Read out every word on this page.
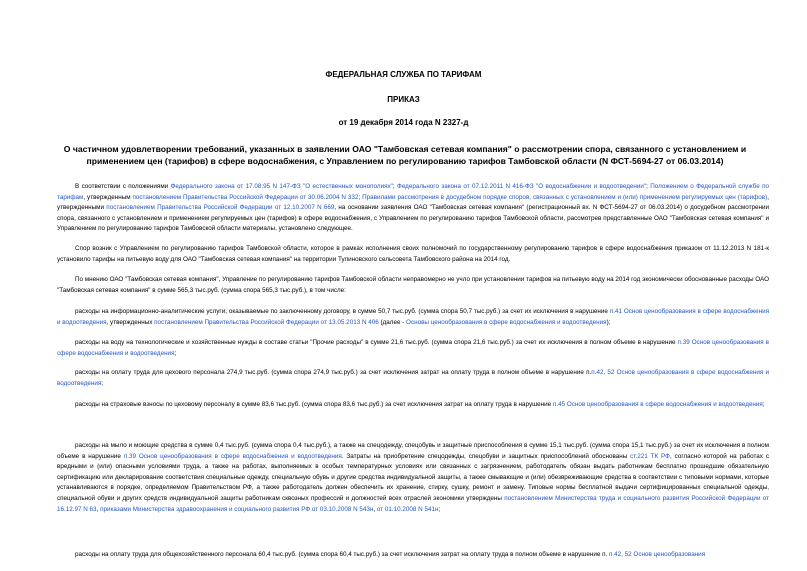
ФЕДЕРАЛЬНАЯ СЛУЖБА ПО ТАРИФАМ
ПРИКАЗ
от 19 декабря 2014 года N 2327-д
О частичном удовлетворении требований, указанных в заявлении ОАО "Тамбовская сетевая компания" о рассмотрении спора, связанного с установлением и применением цен (тарифов) в сфере водоснабжения, с Управлением по регулированию тарифов Тамбовской области (N ФСТ-5694-27 от 06.03.2014)
В соответствии с положениями Федерального закона от 17.08.95 N 147-ФЗ "О естественных монополиях"; Федерального закона от 07.12.2011 N 416-ФЗ "О водоснабжении и водоотведении"; Положением о Федеральной службе по тарифам, утвержденным постановлением Правительства Российской Федерации от 30.06.2004 N 332; Правилами рассмотрения в досудебном порядке споров, связанных с установлением и (или) применением регулируемых цен (тарифов), утвержденными постановлением Правительства Российской Федерации от 12.10.2007 N 669, на основании заявления ОАО "Тамбовская сетевая компания" (регистрационный вх. N ФСТ-5694-27 от 06.03.2014) о досудебном рассмотрении спора, связанного с установлением и применением регулируемых цен (тарифов) в сфере водоснабжения, с Управлением по регулированию тарифов Тамбовской области, рассмотрев представленные ОАО "Тамбовская сетевая компания" и Управлением по регулированию тарифов Тамбовской области материалы, установлено следующее.
Спор возник с Управлением по регулированию тарифов Тамбовской области, которое в рамках исполнения своих полномочий по государственному регулированию тарифов в сфере водоснабжения приказом от 11.12.2013 N 181-к установило тарифы на питьевую воду для ОАО "Тамбовская сетевая компания" на территории Тулиновского сельсовета Тамбовского района на 2014 год.
По мнению ОАО "Тамбовская сетевая компания", Управление по регулированию тарифов Тамбовской области неправомерно не учло при установлении тарифов на питьевую воду на 2014 год экономически обоснованные расходы ОАО "Тамбовская сетевая компания" в сумме 565,3 тыс.руб. (сумма спора 565,3 тыс.руб.), в том числе:
расходы на информационно-аналитические услуги, оказываемые по заключенному договору, в сумме 50,7 тыс.руб. (сумма спора 50,7 тыс.руб.) за счет их исключения в нарушение п.41 Основ ценообразования в сфере водоснабжения и водоотведения, утвержденных постановлением Правительства Российской Федерации от 13.05.2013 N 406 (далее - Основы ценообразования в сфере водоснабжения и водоотведения);
расходы на воду на технологические и хозяйственные нужды в составе статьи "Прочие расходы" в сумме 21,6 тыс.руб. (сумма спора 21,6 тыс.руб.) за счет их исключения в полном объеме в нарушение п.39 Основ ценообразования в сфере водоснабжения и водоотведения;
расходы на оплату труда для цехового персонала 274,9 тыс.руб. (сумма спора 274,9 тыс.руб.) за счет исключения затрат на оплату труда в полном объеме в нарушение п.п.42, 52 Основ ценообразования в сфере водоснабжения и водоотведения;
расходы на страховые взносы по цеховому персоналу в сумме 83,6 тыс.руб. (сумма спора 83,6 тыс.руб.) за счет исключения затрат на оплату труда в нарушение п.45 Основ ценообразования в сфере водоснабжения и водоотведения;
расходы на мыло и моющие средства в сумме 0,4 тыс.руб. (сумма спора 0,4 тыс.руб.), а также на спецодежду, спецобувь и защитные приспособления в сумме 15,1 тыс.руб. (сумма спора 15,1 тыс.руб.) за счет их исключения в полном объеме в нарушение п.39 Основ ценообразования в сфере водоснабжения и водоотведения. Затраты на приобретение спецодежды, спецобуви и защитных приспособлений обоснованы ст.221 ТК РФ, согласно которой на работах с вредными и (или) опасными условиями труда, а также на работах, выполняемых в особых температурных условиях или связанных с загрязнением, работодатель обязан выдать работникам бесплатно прошедшие обязательную сертификацию или декларирование соответствия специальные одежду, специальную обувь и другие средства индивидуальной защиты, а также смывающие и (или) обезвреживающие средства в соответствии с типовыми нормами, которые устанавливаются в порядке, определяемом Правительством РФ, а также работодатель должен обеспечить их хранение, стирку, сушку, ремонт и замену. Типовые нормы бесплатной выдачи сертифицированных специальной одежды, специальной обуви и других средств индивидуальной защиты работникам сквозных профессий и должностей всех отраслей экономики утверждены постановлением Министерства труда и социального развития Российской Федерации от 16.12.97 N 63, приказами Министерства здравоохранения и социального развития РФ от 03.10.2008 N 543н, от 01.10.2008 N 541н;
расходы на оплату труда для общехозяйственного персонала 60,4 тыс.руб. (сумма спора 60,4 тыс.руб.) за счет исключения затрат на оплату труда в полном объеме в нарушение п. п.42, 52 Основ ценообразования
